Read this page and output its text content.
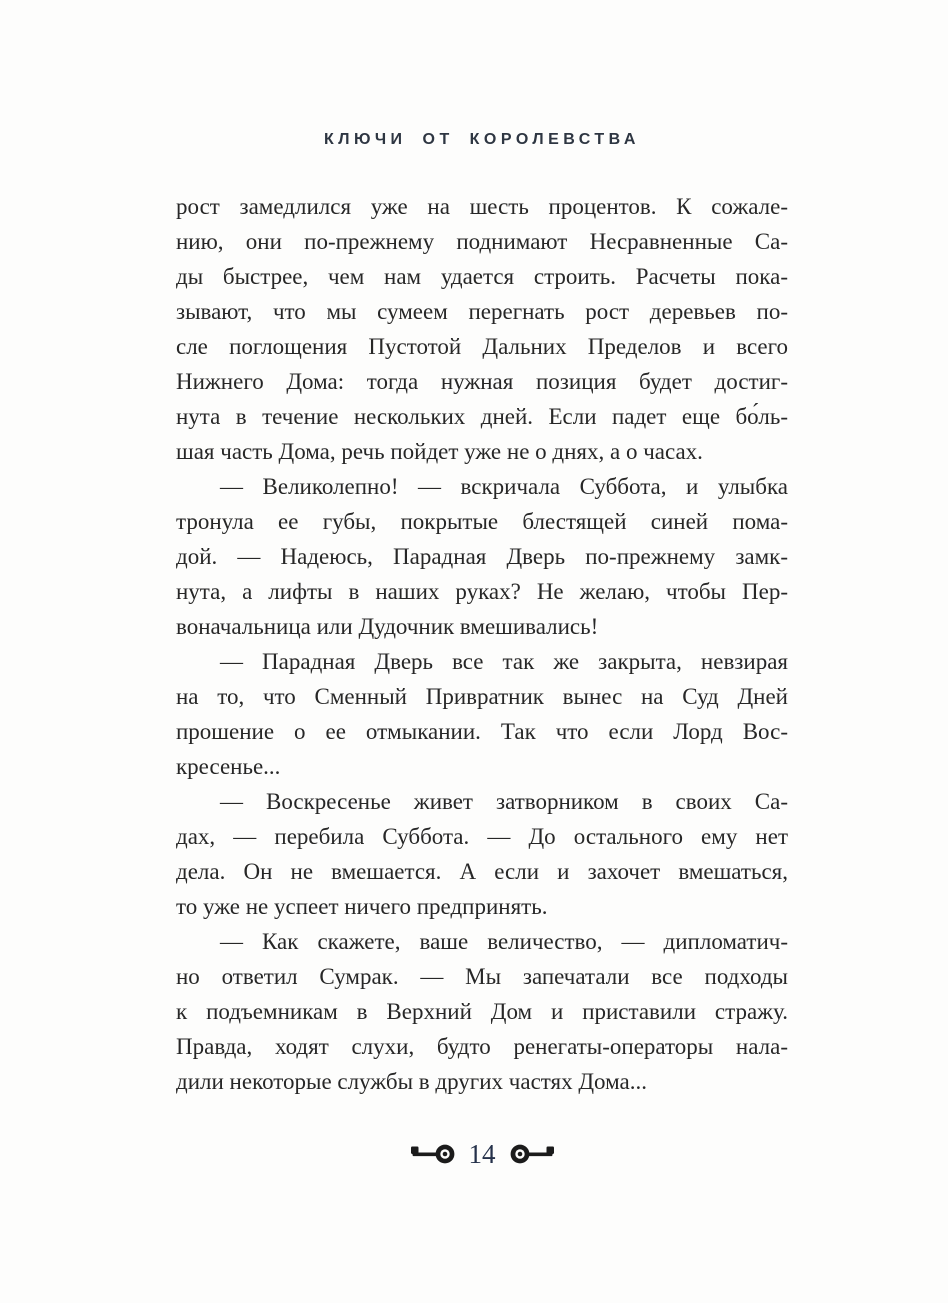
КЛЮЧИ ОТ КОРОЛЕВСТВА
рост замедлился уже на шесть процентов. К сожале-
нию, они по-прежнему поднимают Несравненные Са-
ды быстрее, чем нам удается строить. Расчеты пока-
зывают, что мы сумеем перегнать рост деревьев по-
сле поглощения Пустотой Дальних Пределов и всего
Нижнего Дома: тогда нужная позиция будет достиг-
нута в течение нескольких дней. Если падет еще бо́ль-
шая часть Дома, речь пойдет уже не о днях, а о часах.
— Великолепно! — вскричала Суббота, и улыбка
тронула ее губы, покрытые блестящей синей пома-
дой. — Надеюсь, Парадная Дверь по-прежнему замк-
нута, а лифты в наших руках? Не желаю, чтобы Пер-
воначальница или Дудочник вмешивались!
— Парадная Дверь все так же закрыта, невзирая
на то, что Сменный Привратник вынес на Суд Дней
прошение о ее отмыкании. Так что если Лорд Вос-
кресенье...
— Воскресенье живет затворником в своих Са-
дах, — перебила Суббота. — До остального ему нет
дела. Он не вмешается. А если и захочет вмешаться,
то уже не успеет ничего предпринять.
— Как скажете, ваше величество, — дипломатич-
но ответил Сумрак. — Мы запечатали все подходы
к подъемникам в Верхний Дом и приставили стражу.
Правда, ходят слухи, будто ренегаты-операторы нала-
дили некоторые службы в других частях Дома...
14
